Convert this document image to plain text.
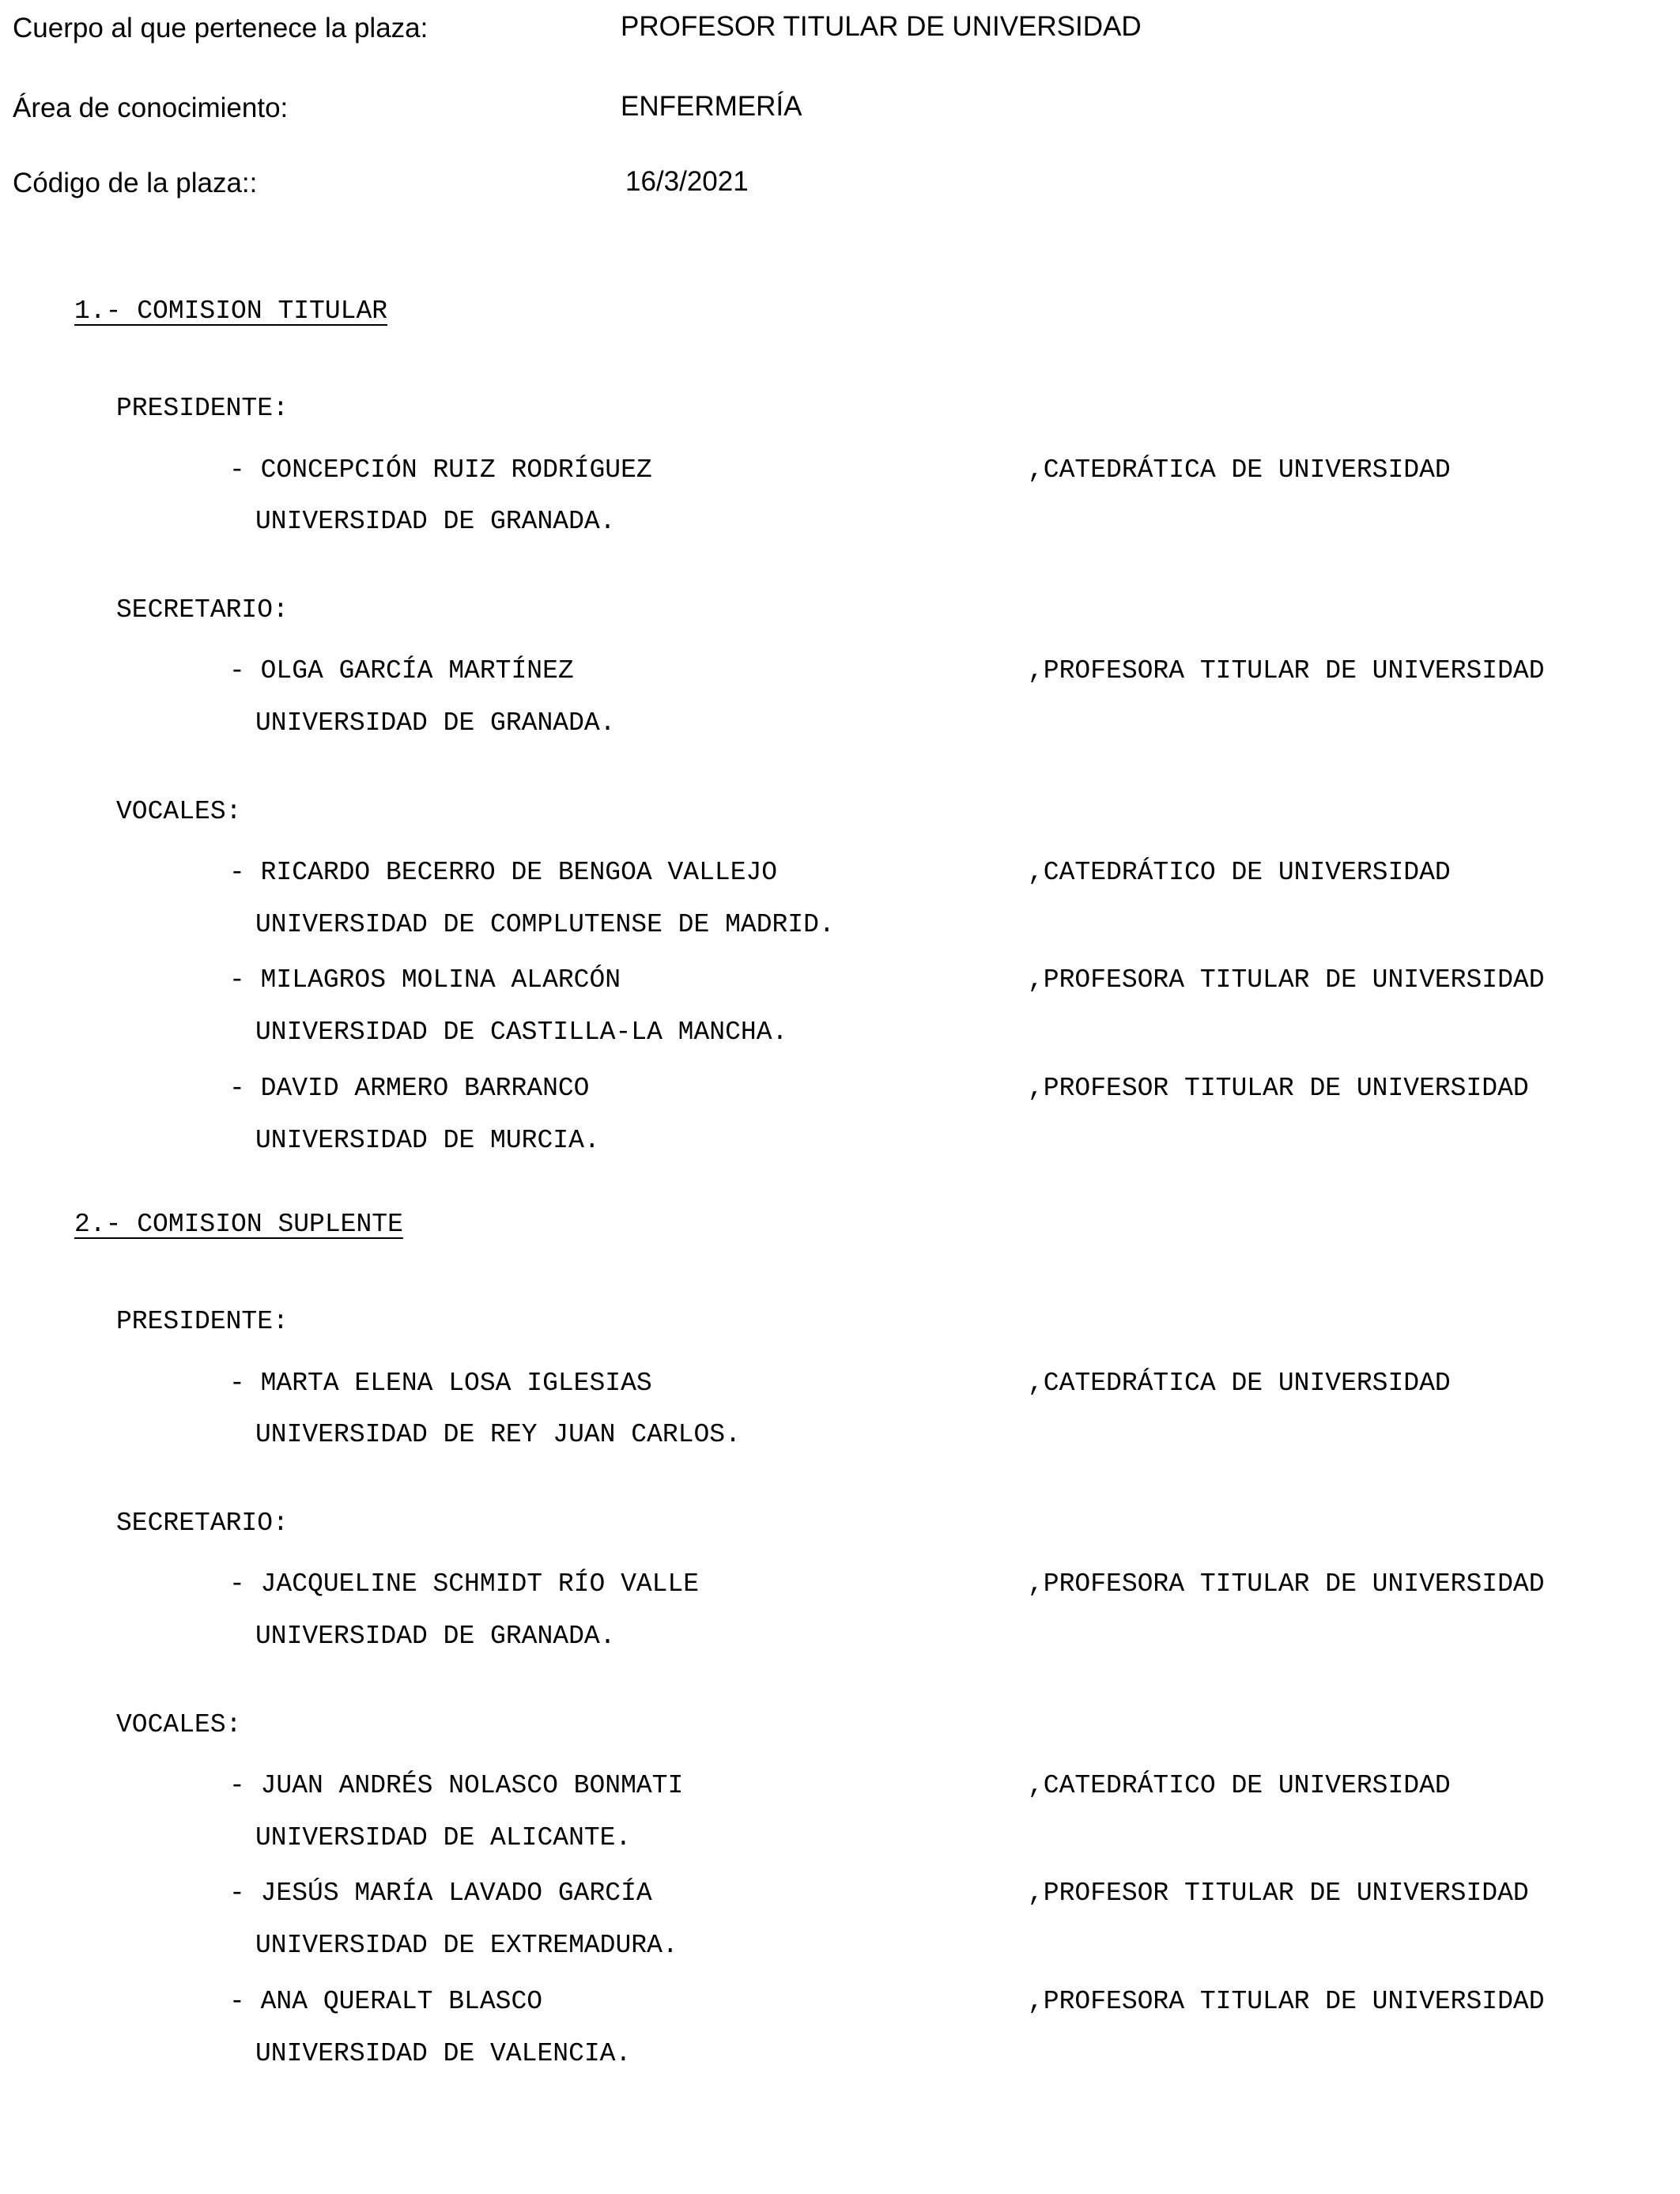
Cuerpo al que pertenece la plaza:	PROFESOR TITULAR DE UNIVERSIDAD
Área de conocimiento:	ENFERMERÍA
Código de la plaza::	16/3/2021
1.- COMISION TITULAR
PRESIDENTE:
- CONCEPCIÓN RUIZ RODRÍGUEZ	,CATEDRÁTICA DE UNIVERSIDAD
UNIVERSIDAD DE GRANADA.
SECRETARIO:
- OLGA GARCÍA MARTÍNEZ	,PROFESORA TITULAR DE UNIVERSIDAD
UNIVERSIDAD DE GRANADA.
VOCALES:
- RICARDO BECERRO DE BENGOA VALLEJO	,CATEDRÁTICO DE UNIVERSIDAD
UNIVERSIDAD DE COMPLUTENSE DE MADRID.
- MILAGROS MOLINA ALARCÓN	,PROFESORA TITULAR DE UNIVERSIDAD
UNIVERSIDAD DE CASTILLA-LA MANCHA.
- DAVID ARMERO BARRANCO	,PROFESOR TITULAR DE UNIVERSIDAD
UNIVERSIDAD DE MURCIA.
2.- COMISION SUPLENTE
PRESIDENTE:
- MARTA ELENA LOSA IGLESIAS	,CATEDRÁTICA DE UNIVERSIDAD
UNIVERSIDAD DE REY JUAN CARLOS.
SECRETARIO:
- JACQUELINE SCHMIDT RÍO VALLE	,PROFESORA TITULAR DE UNIVERSIDAD
UNIVERSIDAD DE GRANADA.
VOCALES:
- JUAN ANDRÉS NOLASCO BONMATI	,CATEDRÁTICO DE UNIVERSIDAD
UNIVERSIDAD DE ALICANTE.
- JESÚS MARÍA LAVADO GARCÍA	,PROFESOR TITULAR DE UNIVERSIDAD
UNIVERSIDAD DE EXTREMADURA.
- ANA QUERALT BLASCO	,PROFESORA TITULAR DE UNIVERSIDAD
UNIVERSIDAD DE VALENCIA.
